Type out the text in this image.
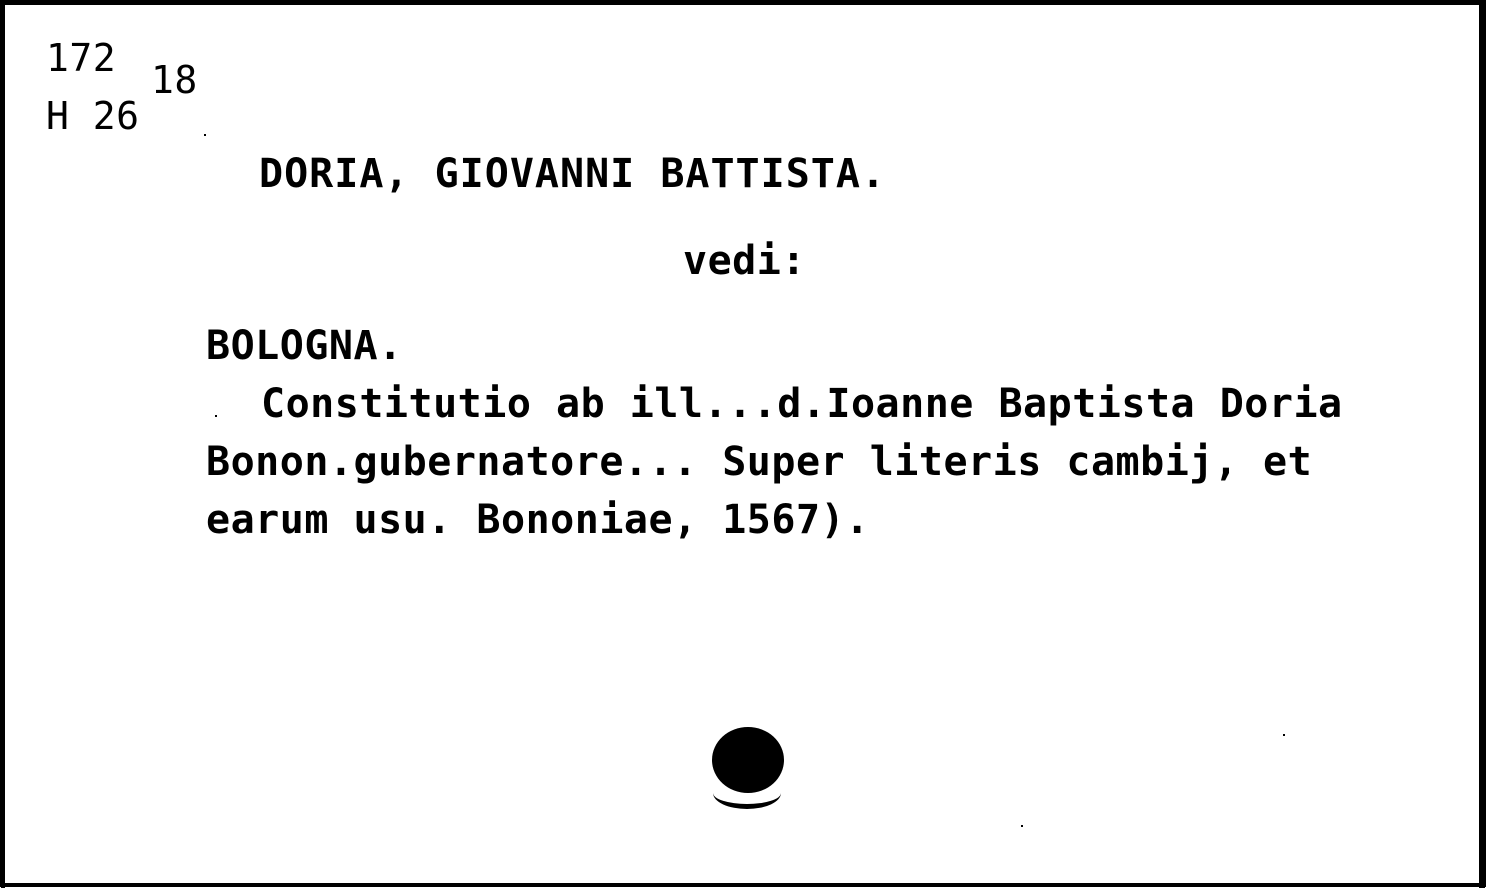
172
H 26
18
DORIA, GIOVANNI BATTISTA.
vedi:
BOLOGNA.
Constitutio ab ill...d.Ioanne Baptista Doria
Bonon.gubernatore... Super literis cambij, et
earum usu. Bononiae, 1567).
